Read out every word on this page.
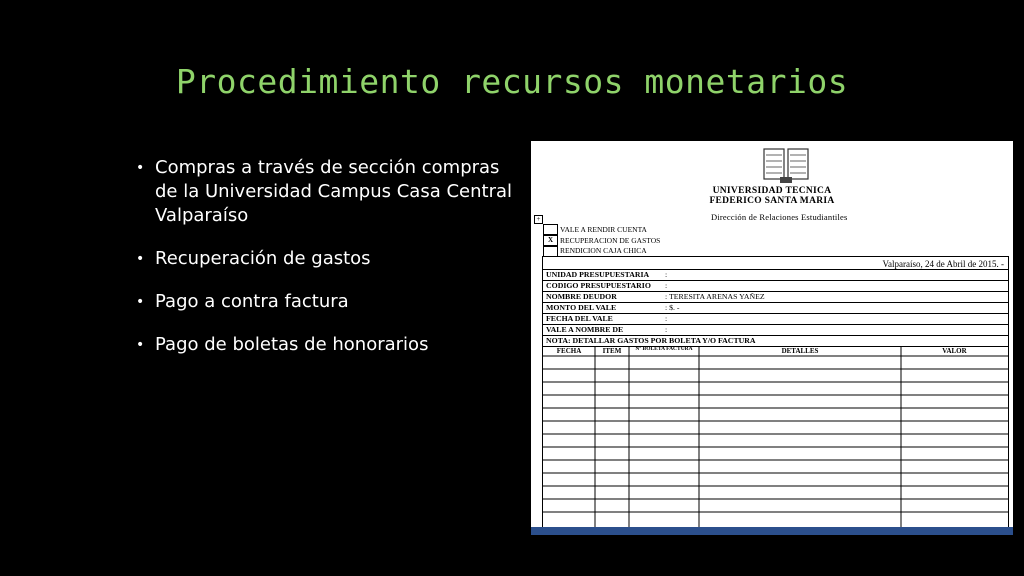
Procedimiento recursos monetarios
• Compras a través de sección compras de la Universidad Campus Casa Central Valparaíso
• Recuperación de gastos
• Pago a contra factura
• Pago de boletas de honorarios
UNIVERSIDAD TECNICA
FEDERICO SANTA MARIA
Dirección de Relaciones Estudiantiles
+
VALE A RENDIR CUENTA
X RECUPERACION DE GASTOS
RENDICION CAJA CHICA
Valparaíso, 24 de Abril de 2015. -
UNIDAD PRESUPUESTARIA :
CODIGO PRESUPUESTARIO :
NOMBRE DEUDOR	: TERESITA ARENAS YAÑEZ
MONTO DEL VALE	: $. -
FECHA DEL VALE	:
VALE A NOMBRE DE	:
NOTA: DETALLAR GASTOS POR BOLETA Y/O FACTURA
FECHA	ITEM	Nº BOLETA FACTURA	DETALLES	VALOR
